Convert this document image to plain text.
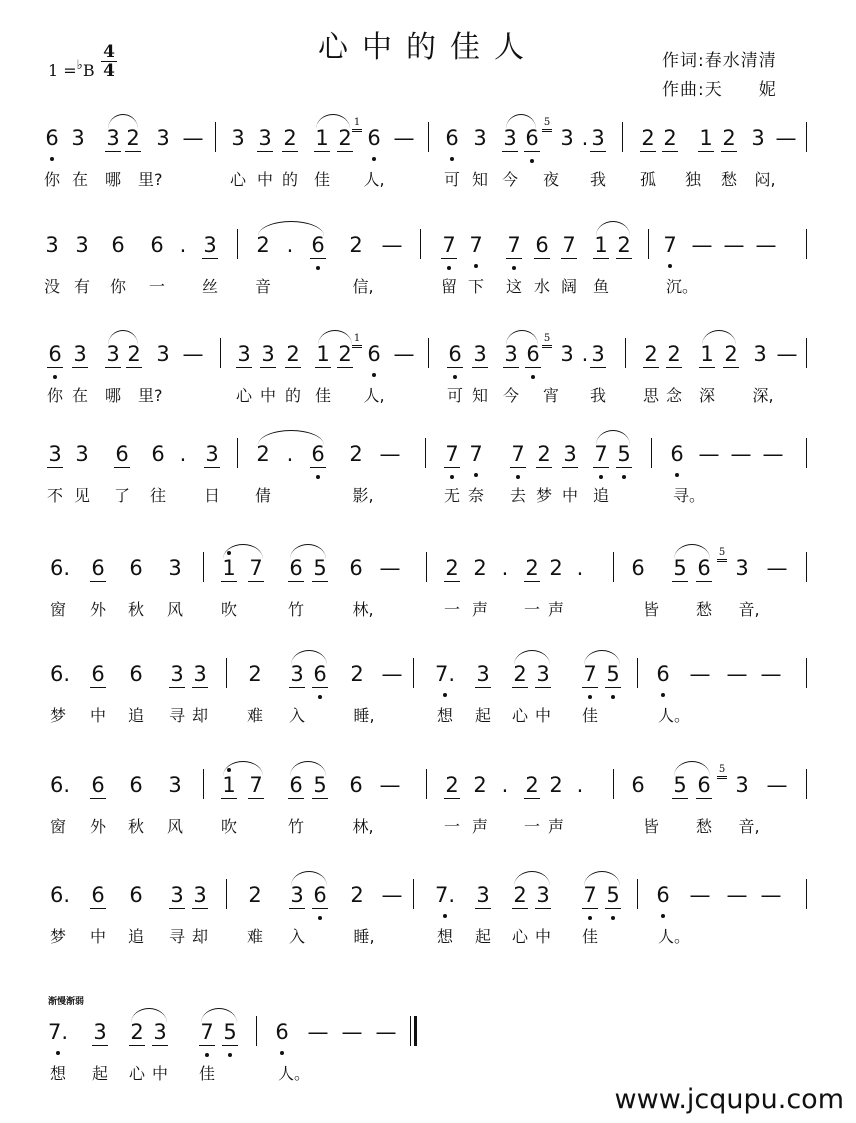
心中的佳人
1 =♭B
4
4	作词:春水清清
作曲:天　　妮
6 3 3 2 3 — 3 3 2 1 2 6 — 6 3 3 6 3 . 3 2 2 1 2 3 —
1	5
你 在 哪 里?	心 中 的 佳 人,	可 知 今 夜 我 孤 独 愁 闷,
3 3 6 6 . 3 2 . 6 2 — 7 7 7 6 7 1 2 7 — — —
没 有 你 一 丝 音	信,	留 下 这 水 阔 鱼	沉。
6 3 3 2 3 — 3 3 2 1 2 6 — 6 3 3 6 3 . 3 2 2 1 2 3 —
1	5
你 在 哪 里?	心 中 的 佳 人,	可 知 今 宵 我 思 念 深 深,
3 3 6 6 . 3 2 . 6 2 — 7 7 7 2 3 7 5 6 — — —
不 见 了 往 日 倩	影,	无 奈 去 梦 中 追	寻。
6. 6 6 3 1 7 6 5 6 — 2 2 . 2 2 .	6 5 6 3 —
5
窗 外 秋 风 吹	竹	林,	一 声 一 声	皆 愁 音,
6. 6 6 3 3 2 3 6 2 — 7. 3 2 3 7 5 6 — — —
梦 中 追 寻 却 难 入	睡,	想 起 心 中 佳	人。
6. 6 6 3 1 7 6 5 6 — 2 2 . 2 2 .	6 5 6 3 —
5
窗 外 秋 风 吹	竹	林,	一 声 一 声	皆 愁 音,
6. 6 6 3 3 2 3 6 2 — 7. 3 2 3 7 5 6 — — —
梦 中 追 寻 却 难 入	睡,	想 起 心 中 佳	人。
7. 3 2 3 7 5 6 — — —
想 起 心 中 佳	人。
渐慢渐弱
www.jcqupu.com
